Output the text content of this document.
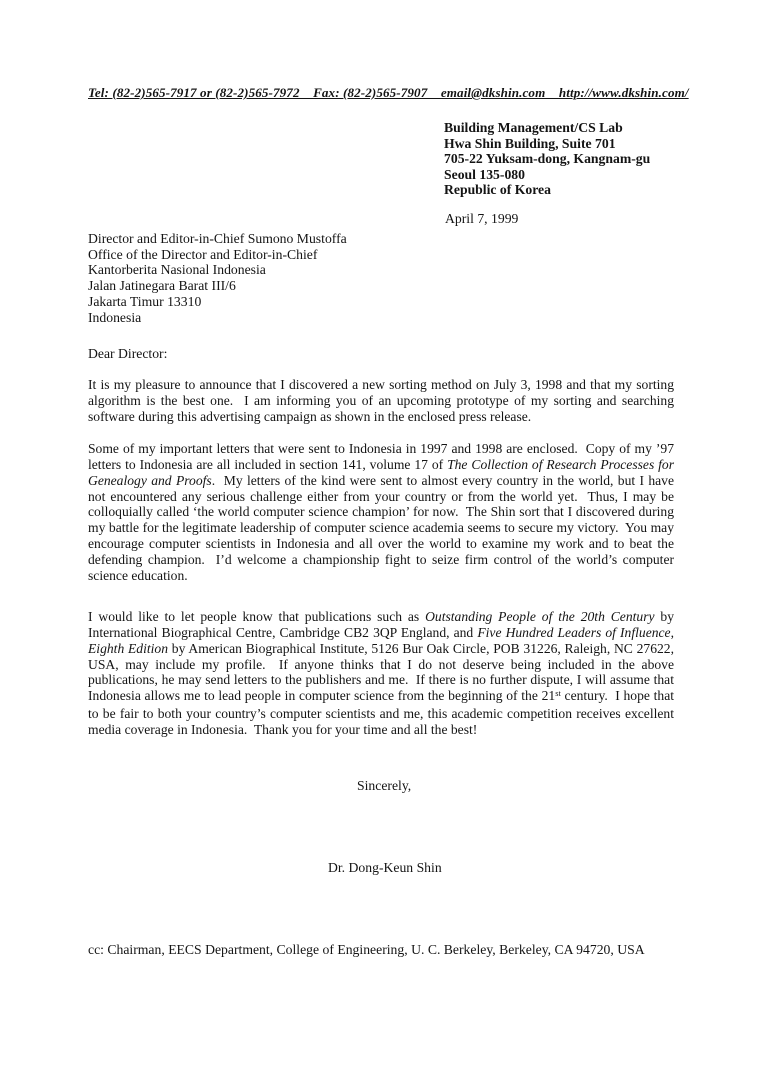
Tel: (82-2)565-7917 or (82-2)565-7972    Fax: (82-2)565-7907    email@dkshin.com    http://www.dkshin.com/
Building Management/CS Lab
Hwa Shin Building, Suite 701
705-22 Yuksam-dong, Kangnam-gu
Seoul 135-080
Republic of Korea
April 7, 1999
Director and Editor-in-Chief Sumono Mustoffa
Office of the Director and Editor-in-Chief
Kantorberita Nasional Indonesia
Jalan Jatinegara Barat III/6
Jakarta Timur 13310
Indonesia
Dear Director:
It is my pleasure to announce that I discovered a new sorting method on July 3, 1998 and that my sorting algorithm is the best one.  I am informing you of an upcoming prototype of my sorting and searching software during this advertising campaign as shown in the enclosed press release.
Some of my important letters that were sent to Indonesia in 1997 and 1998 are enclosed.  Copy of my ’97 letters to Indonesia are all included in section 141, volume 17 of The Collection of Research Processes for Genealogy and Proofs.  My letters of the kind were sent to almost every country in the world, but I have not encountered any serious challenge either from your country or from the world yet.  Thus, I may be colloquially called ‘the world computer science champion’ for now.  The Shin sort that I discovered during my battle for the legitimate leadership of computer science academia seems to secure my victory.  You may encourage computer scientists in Indonesia and all over the world to examine my work and to beat the defending champion.  I’d welcome a championship fight to seize firm control of the world’s computer science education.
I would like to let people know that publications such as Outstanding People of the 20th Century by International Biographical Centre, Cambridge CB2 3QP England, and Five Hundred Leaders of Influence, Eighth Edition by American Biographical Institute, 5126 Bur Oak Circle, POB 31226, Raleigh, NC 27622, USA, may include my profile.  If anyone thinks that I do not deserve being included in the above publications, he may send letters to the publishers and me.  If there is no further dispute, I will assume that Indonesia allows me to lead people in computer science from the beginning of the 21st century.  I hope that to be fair to both your country’s computer scientists and me, this academic competition receives excellent media coverage in Indonesia.  Thank you for your time and all the best!
Sincerely,
Dr. Dong-Keun Shin
cc: Chairman, EECS Department, College of Engineering, U. C. Berkeley, Berkeley, CA 94720, USA
